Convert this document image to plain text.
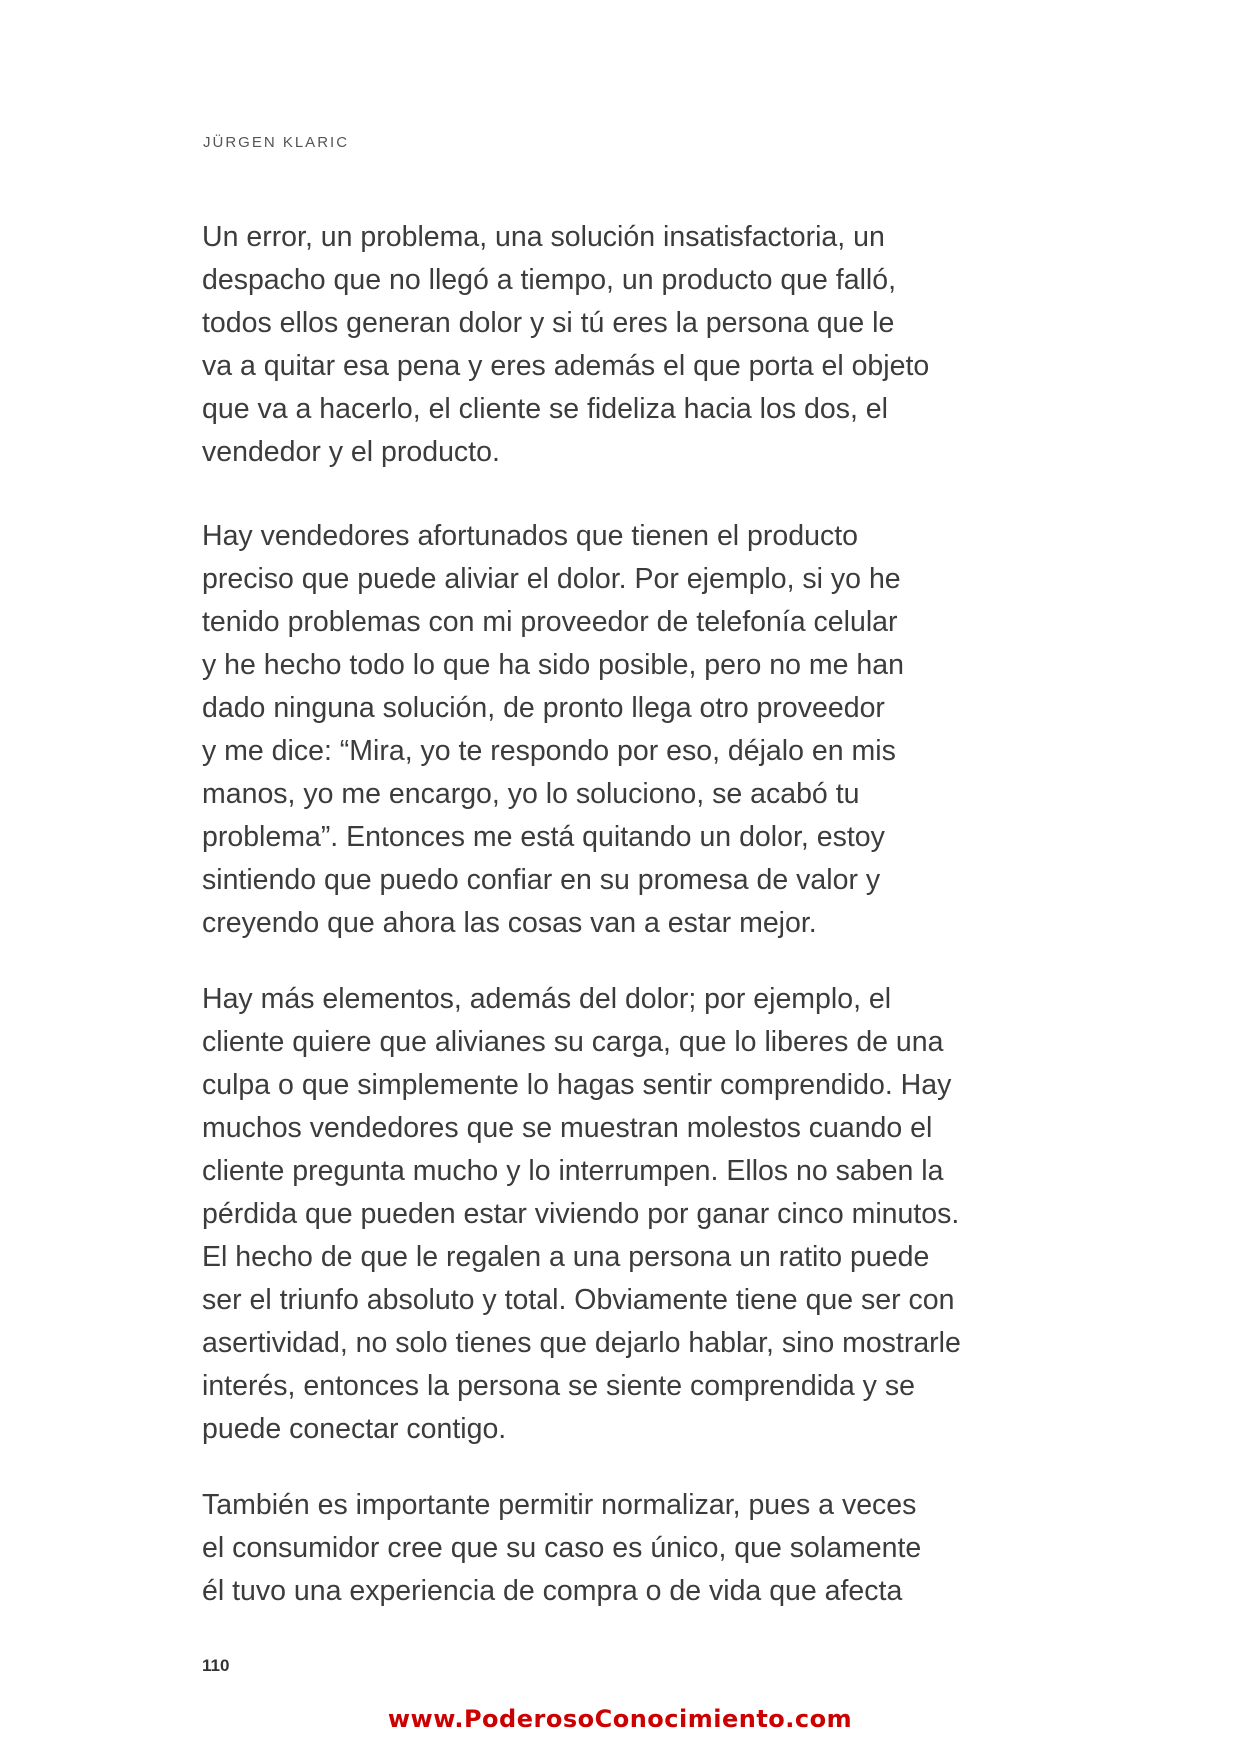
JÜRGEN KLARIC
Un error, un problema, una solución insatisfactoria, un
despacho que no llegó a tiempo, un producto que falló,
todos ellos generan dolor y si tú eres la persona que le
va a quitar esa pena y eres además el que porta el objeto
que va a hacerlo, el cliente se fideliza hacia los dos, el
vendedor y el producto.
Hay vendedores afortunados que tienen el producto
preciso que puede aliviar el dolor. Por ejemplo, si yo he
tenido problemas con mi proveedor de telefonía celular
y he hecho todo lo que ha sido posible, pero no me han
dado ninguna solución, de pronto llega otro proveedor
y me dice: “Mira, yo te respondo por eso, déjalo en mis
manos, yo me encargo, yo lo soluciono, se acabó tu
problema”. Entonces me está quitando un dolor, estoy
sintiendo que puedo confiar en su promesa de valor y
creyendo que ahora las cosas van a estar mejor.
Hay más elementos, además del dolor; por ejemplo, el
cliente quiere que alivianes su carga, que lo liberes de una
culpa o que simplemente lo hagas sentir comprendido. Hay
muchos vendedores que se muestran molestos cuando el
cliente pregunta mucho y lo interrumpen. Ellos no saben la
pérdida que pueden estar viviendo por ganar cinco minutos.
El hecho de que le regalen a una persona un ratito puede
ser el triunfo absoluto y total. Obviamente tiene que ser con
asertividad, no solo tienes que dejarlo hablar, sino mostrarle
interés, entonces la persona se siente comprendida y se
puede conectar contigo.
También es importante permitir normalizar, pues a veces
el consumidor cree que su caso es único, que solamente
él tuvo una experiencia de compra o de vida que afecta
110
www.PoderosoConocimiento.com
